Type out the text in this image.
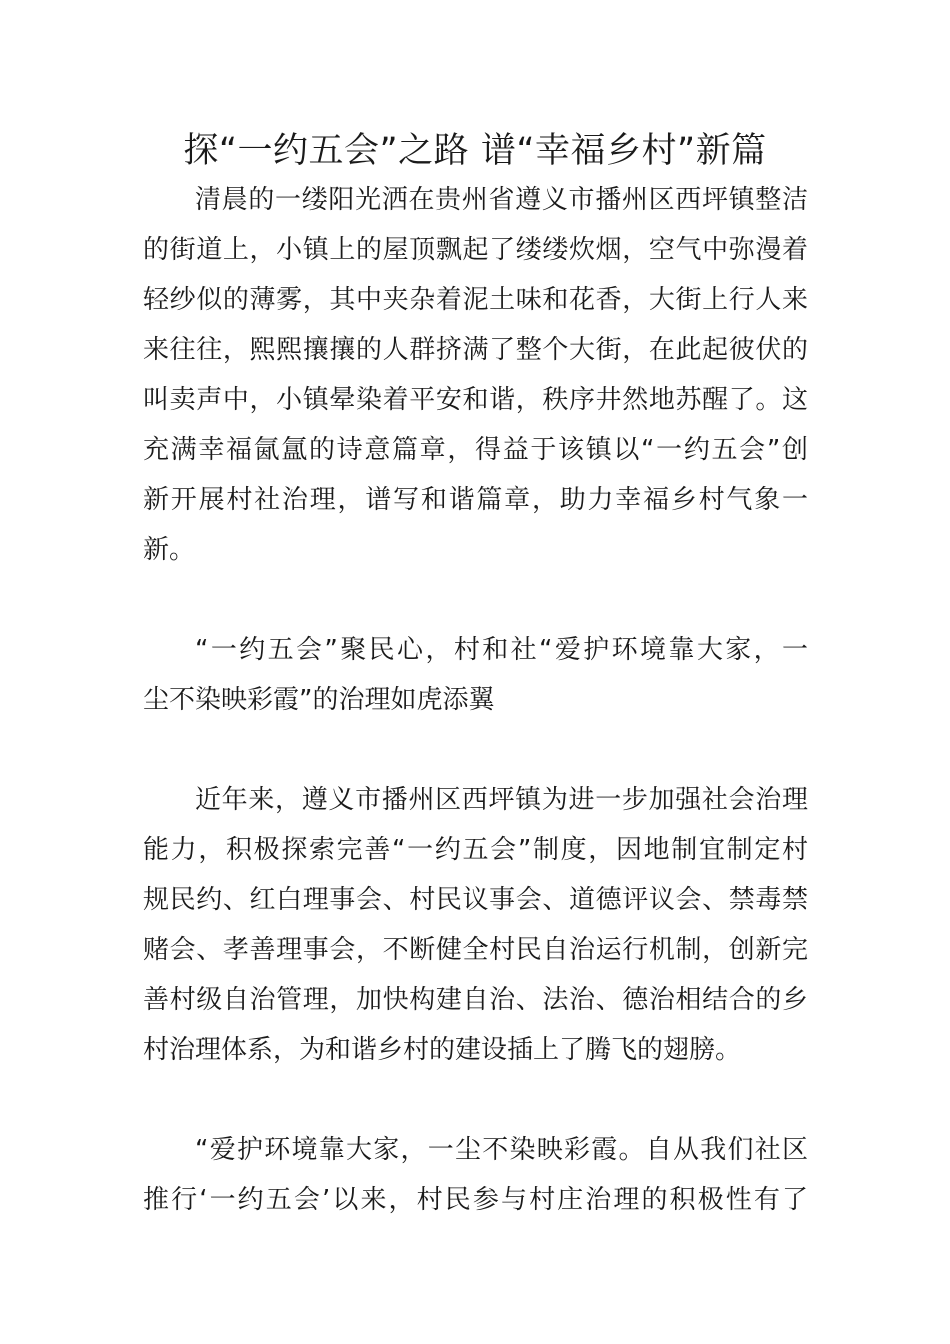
探“一约五会”之路 谱“幸福乡村”新篇
清晨的一缕阳光洒在贵州省遵义市播州区西坪镇整洁
的街道上，小镇上的屋顶飘起了缕缕炊烟，空气中弥漫着
轻纱似的薄雾，其中夹杂着泥土味和花香，大街上行人来
来往往，熙熙攘攘的人群挤满了整个大街，在此起彼伏的
叫卖声中，小镇晕染着平安和谐，秩序井然地苏醒了。这
充满幸福氤氲的诗意篇章，得益于该镇以“一约五会”创
新开展村社治理，谱写和谐篇章，助力幸福乡村气象一
新。
“一约五会”聚民心，村和社“爱护环境靠大家，一
尘不染映彩霞”的治理如虎添翼
近年来，遵义市播州区西坪镇为进一步加强社会治理
能力，积极探索完善“一约五会”制度，因地制宜制定村
规民约、红白理事会、村民议事会、道德评议会、禁毒禁
赌会、孝善理事会，不断健全村民自治运行机制，创新完
善村级自治管理，加快构建自治、法治、德治相结合的乡
村治理体系，为和谐乡村的建设插上了腾飞的翅膀。
“爱护环境靠大家，一尘不染映彩霞。自从我们社区
推行‘一约五会’以来，村民参与村庄治理的积极性有了
